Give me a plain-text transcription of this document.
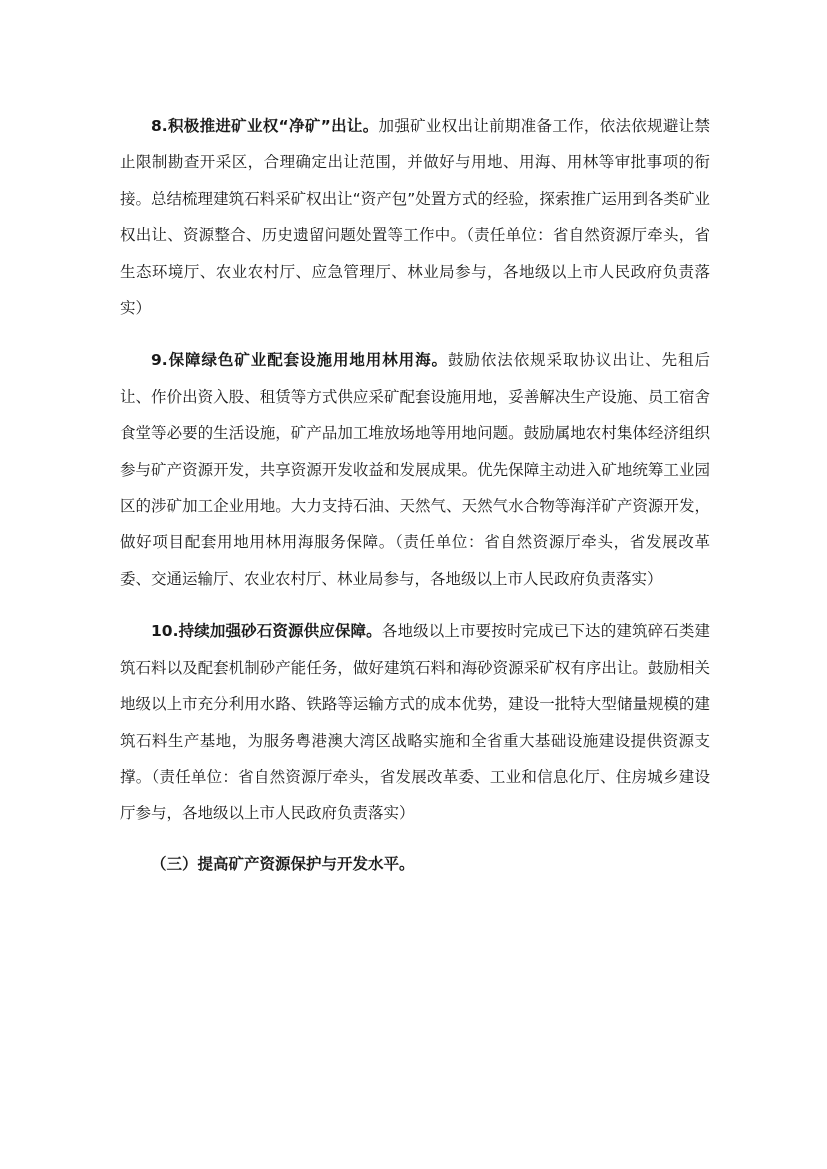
8.积极推进矿业权“净矿”出让。加强矿业权出让前期准备工作，依法依规避让禁止限制勘查开采区，合理确定出让范围，并做好与用地、用海、用林等审批事项的衔接。总结梳理建筑石料采矿权出让“资产包”处置方式的经验，探索推广运用到各类矿业权出让、资源整合、历史遗留问题处置等工作中。（责任单位：省自然资源厅牵头，省生态环境厅、农业农村厅、应急管理厅、林业局参与，各地级以上市人民政府负责落实）

9.保障绿色矿业配套设施用地用林用海。鼓励依法依规采取协议出让、先租后让、作价出资入股、租赁等方式供应采矿配套设施用地，妥善解决生产设施、员工宿舍食堂等必要的生活设施，矿产品加工堆放场地等用地问题。鼓励属地农村集体经济组织参与矿产资源开发，共享资源开发收益和发展成果。优先保障主动进入矿地统筹工业园区的涉矿加工企业用地。大力支持石油、天然气、天然气水合物等海洋矿产资源开发，做好项目配套用地用林用海服务保障。（责任单位：省自然资源厅牵头，省发展改革委、交通运输厅、农业农村厅、林业局参与，各地级以上市人民政府负责落实）

10.持续加强砂石资源供应保障。各地级以上市要按时完成已下达的建筑碎石类建筑石料以及配套机制砂产能任务，做好建筑石料和海砂资源采矿权有序出让。鼓励相关地级以上市充分利用水路、铁路等运输方式的成本优势，建设一批特大型储量规模的建筑石料生产基地，为服务粤港澳大湾区战略实施和全省重大基础设施建设提供资源支撑。（责任单位：省自然资源厅牵头，省发展改革委、工业和信息化厅、住房城乡建设厅参与，各地级以上市人民政府负责落实）

（三）提高矿产资源保护与开发水平。
